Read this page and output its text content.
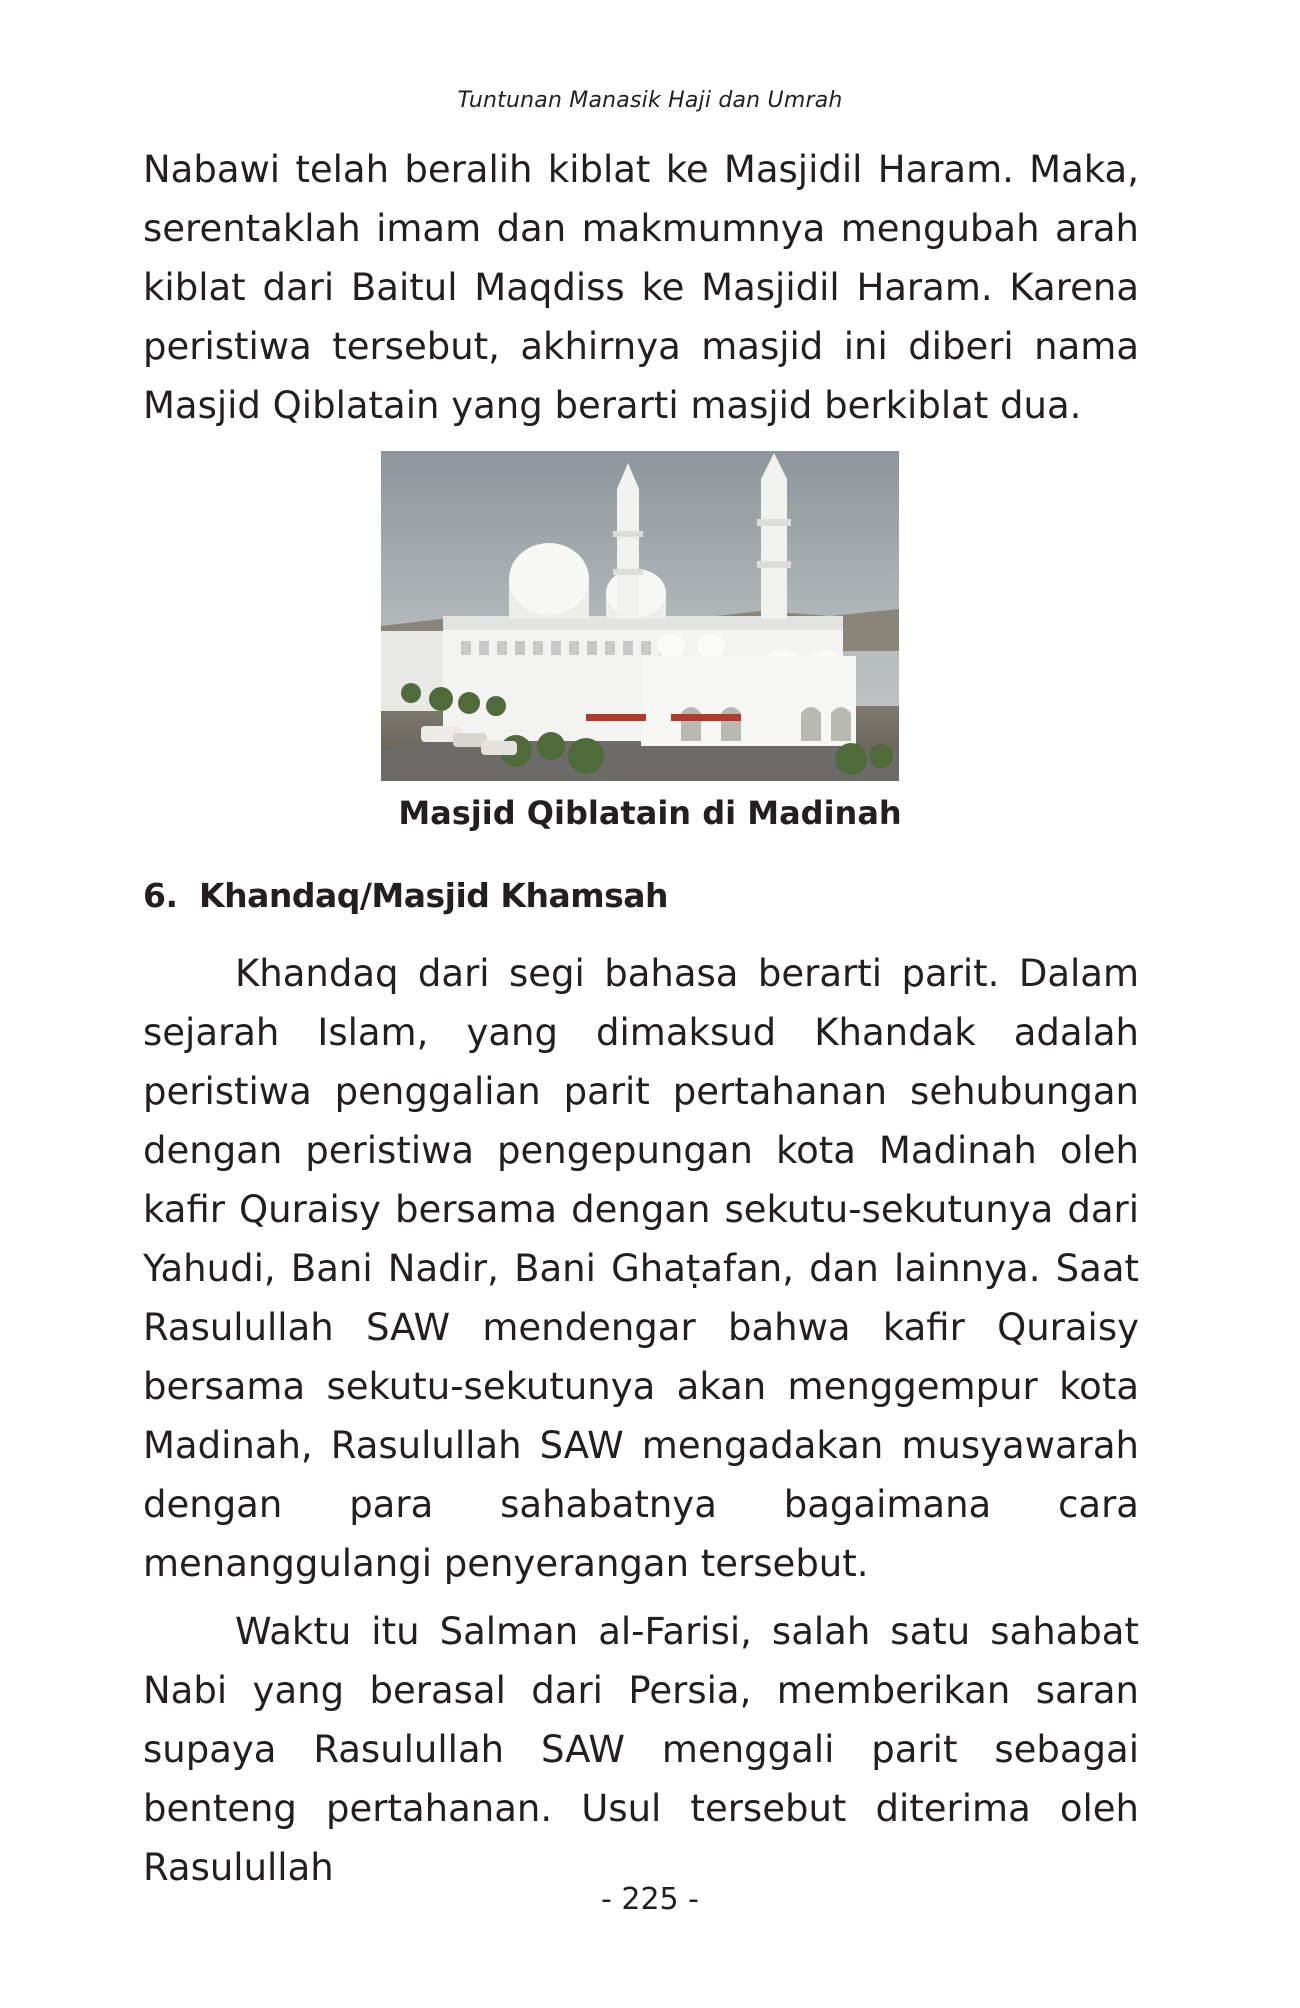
Tuntunan Manasik Haji dan Umrah

Nabawi telah beralih kiblat ke Masjidil Haram. Maka, serentaklah imam dan makmumnya mengubah arah kiblat dari Baitul Maqdiss ke Masjidil Haram. Karena peristiwa tersebut, akhirnya masjid ini diberi nama Masjid Qiblatain yang berarti masjid berkiblat dua.

Masjid Qiblatain di Madinah
6. Khandaq/Masjid Khamsah

Khandaq dari segi bahasa berarti parit. Dalam sejarah Islam, yang dimaksud Khandak adalah peristiwa penggalian parit pertahanan sehubungan dengan peristiwa pengepungan kota Madinah oleh kafir Quraisy bersama dengan sekutu-sekutunya dari Yahudi, Bani Nadir, Bani Ghaṭafan, dan lainnya. Saat Rasulullah SAW mendengar bahwa kafir Quraisy bersama sekutu-sekutunya akan menggempur kota Madinah, Rasulullah SAW mengadakan musyawarah dengan para sahabatnya bagaimana cara menanggulangi penyerangan tersebut.

Waktu itu Salman al-Farisi, salah satu sahabat Nabi yang berasal dari Persia, memberikan saran supaya Rasulullah SAW menggali parit sebagai benteng pertahanan. Usul tersebut diterima oleh Rasulullah

- 225 -
